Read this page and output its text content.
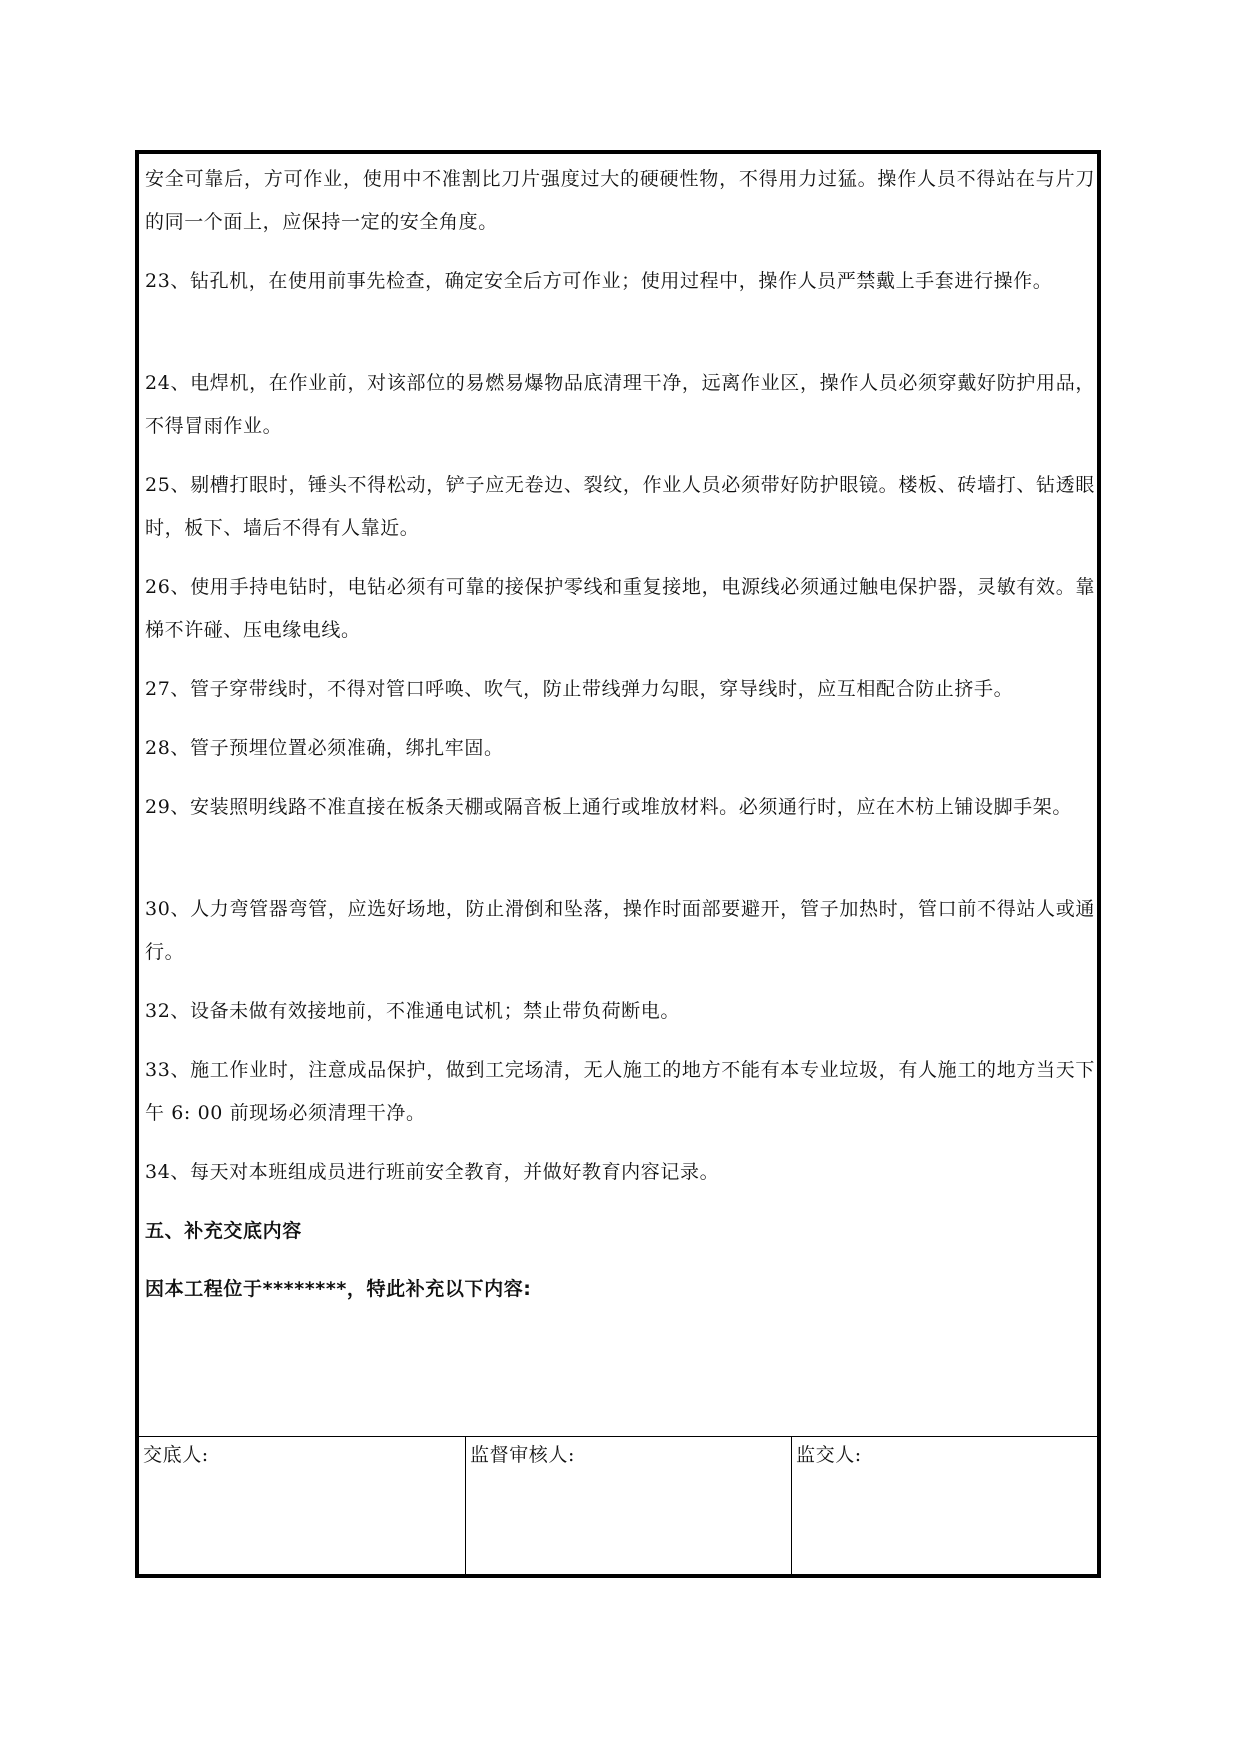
安全可靠后，方可作业，使用中不准割比刀片强度过大的硬硬性物，不得用力过猛。操作人员不得站在与片刀的同一个面上，应保持一定的安全角度。
23、钻孔机，在使用前事先检查，确定安全后方可作业；使用过程中，操作人员严禁戴上手套进行操作。
24、电焊机，在作业前，对该部位的易燃易爆物品底清理干净，远离作业区，操作人员必须穿戴好防护用品，不得冒雨作业。
25、剔槽打眼时，锤头不得松动，铲子应无卷边、裂纹，作业人员必须带好防护眼镜。楼板、砖墙打、钻透眼时，板下、墙后不得有人靠近。
26、使用手持电钻时，电钻必须有可靠的接保护零线和重复接地，电源线必须通过触电保护器，灵敏有效。靠梯不许碰、压电缘电线。
27、管子穿带线时，不得对管口呼唤、吹气，防止带线弹力勾眼，穿导线时，应互相配合防止挤手。
28、管子预埋位置必须准确，绑扎牢固。
29、安装照明线路不准直接在板条天棚或隔音板上通行或堆放材料。必须通行时，应在木枋上铺设脚手架。
30、人力弯管器弯管，应选好场地，防止滑倒和坠落，操作时面部要避开，管子加热时，管口前不得站人或通行。
32、设备未做有效接地前，不准通电试机；禁止带负荷断电。
33、施工作业时，注意成品保护，做到工完场清，无人施工的地方不能有本专业垃圾，有人施工的地方当天下午 6: 00 前现场必须清理干净。
34、每天对本班组成员进行班前安全教育，并做好教育内容记录。
五、补充交底内容
因本工程位于********，特此补充以下内容:
交底人:	监督审核人:	监交人:
